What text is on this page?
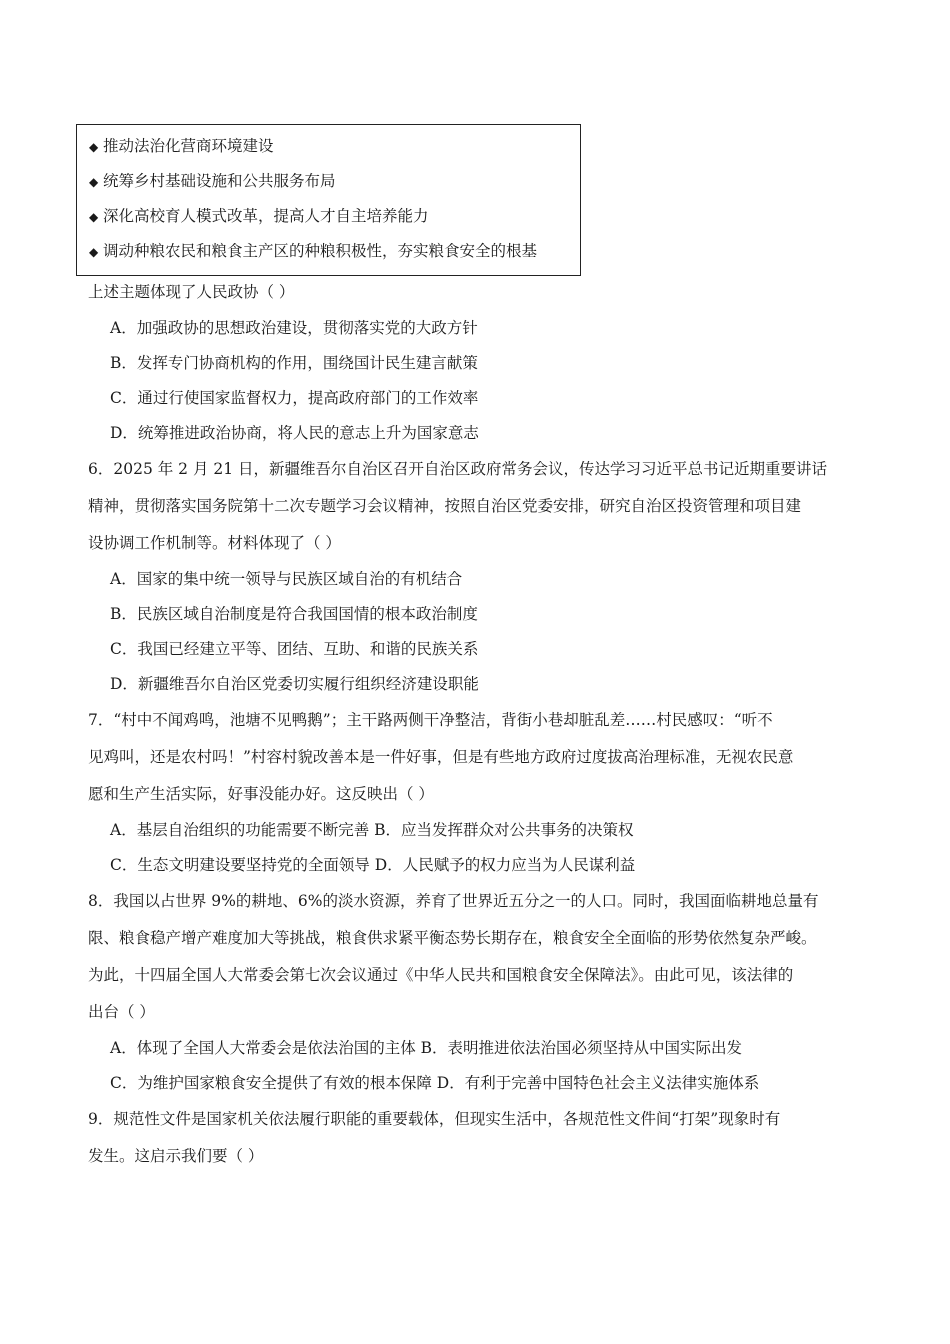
◆ 推动法治化营商环境建设
◆ 统筹乡村基础设施和公共服务布局
◆ 深化高校育人模式改革，提高人才自主培养能力
◆ 调动种粮农民和粮食主产区的种粮积极性，夯实粮食安全的根基
上述主题体现了人民政协（ ）
A．加强政协的思想政治建设，贯彻落实党的大政方针
B．发挥专门协商机构的作用，围绕国计民生建言献策
C．通过行使国家监督权力，提高政府部门的工作效率
D．统筹推进政治协商，将人民的意志上升为国家意志
6．2025 年 2 月 21 日，新疆维吾尔自治区召开自治区政府常务会议，传达学习习近平总书记近期重要讲话
精神，贯彻落实国务院第十二次专题学习会议精神，按照自治区党委安排，研究自治区投资管理和项目建
设协调工作机制等。材料体现了（ ）
A．国家的集中统一领导与民族区域自治的有机结合
B．民族区域自治制度是符合我国国情的根本政治制度
C．我国已经建立平等、团结、互助、和谐的民族关系
D．新疆维吾尔自治区党委切实履行组织经济建设职能
7．“村中不闻鸡鸣，池塘不见鸭鹅”；主干路两侧干净整洁，背街小巷却脏乱差……村民感叹：“听不
见鸡叫，还是农村吗！”村容村貌改善本是一件好事，但是有些地方政府过度拔高治理标准，无视农民意
愿和生产生活实际，好事没能办好。这反映出（ ）
A．基层自治组织的功能需要不断完善 B．应当发挥群众对公共事务的决策权
C．生态文明建设要坚持党的全面领导 D．人民赋予的权力应当为人民谋利益
8．我国以占世界 9%的耕地、6%的淡水资源，养育了世界近五分之一的人口。同时，我国面临耕地总量有
限、粮食稳产增产难度加大等挑战，粮食供求紧平衡态势长期存在，粮食安全全面临的形势依然复杂严峻。
为此，十四届全国人大常委会第七次会议通过《中华人民共和国粮食安全保障法》。由此可见，该法律的
出台（ ）
A．体现了全国人大常委会是依法治国的主体 B．表明推进依法治国必须坚持从中国实际出发
C．为维护国家粮食安全提供了有效的根本保障 D．有利于完善中国特色社会主义法律实施体系
9．规范性文件是国家机关依法履行职能的重要载体，但现实生活中，各规范性文件间“打架”现象时有
发生。这启示我们要（ ）
